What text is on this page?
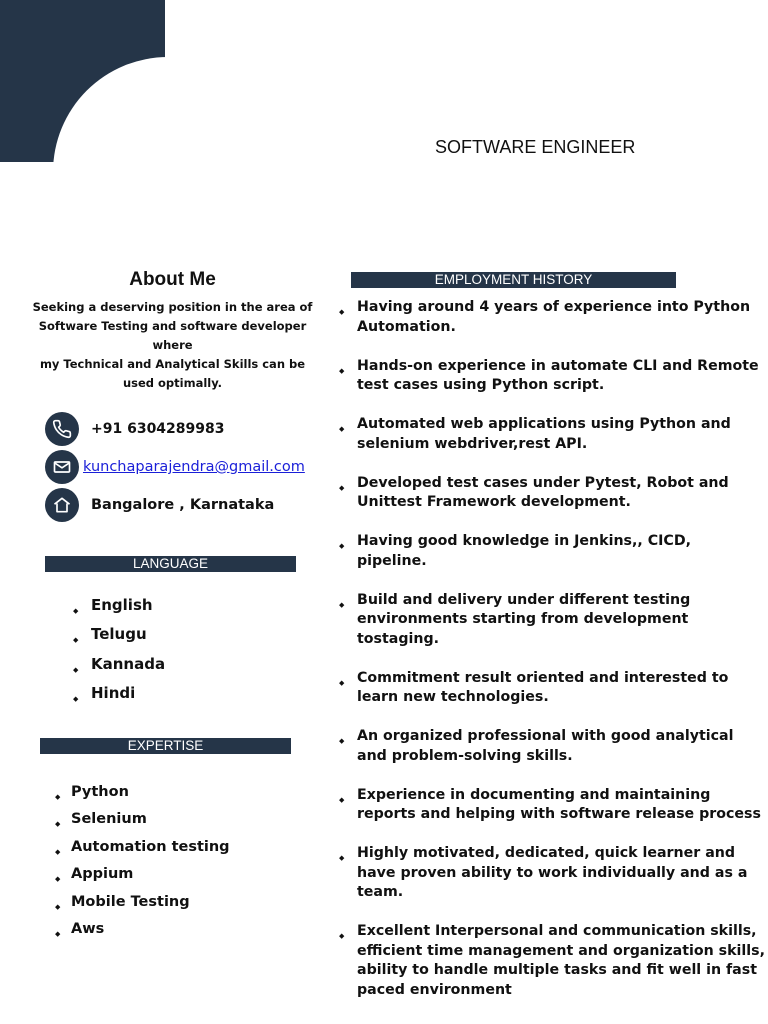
SOFTWARE ENGINEER
About Me
Seeking a deserving position in the area of
Software Testing and software developer
where
my Technical and Analytical Skills can be
used optimally.
+91 6304289983
kunchaparajendra@gmail.com
Bangalore , Karnataka
LANGUAGE
◆ English
◆ Telugu
◆ Kannada
◆ Hindi
EXPERTISE
◆ Python
◆ Selenium
◆ Automation testing
◆ Appium
◆ Mobile Testing
◆ Aws
EMPLOYMENT HISTORY
◆ Having around 4 years of experience into Python Automation.
◆ Hands-on experience in automate CLI and Remote test cases using Python script.
◆ Automated web applications using Python and selenium webdriver,rest API.
◆ Developed test cases under Pytest, Robot and Unittest Framework development.
◆ Having good knowledge in Jenkins,, CICD, pipeline.
◆ Build and delivery under different testing environments starting from development tostaging.
◆ Commitment result oriented and interested to learn new technologies.
◆ An organized professional with good analytical and problem-solving skills.
◆ Experience in documenting and maintaining reports and helping with software release process
◆ Highly motivated, dedicated, quick learner and have proven ability to work individually and as a team.
◆ Excellent Interpersonal and communication skills, efficient time management and organization skills, ability to handle multiple tasks and fit well in fast paced environment
